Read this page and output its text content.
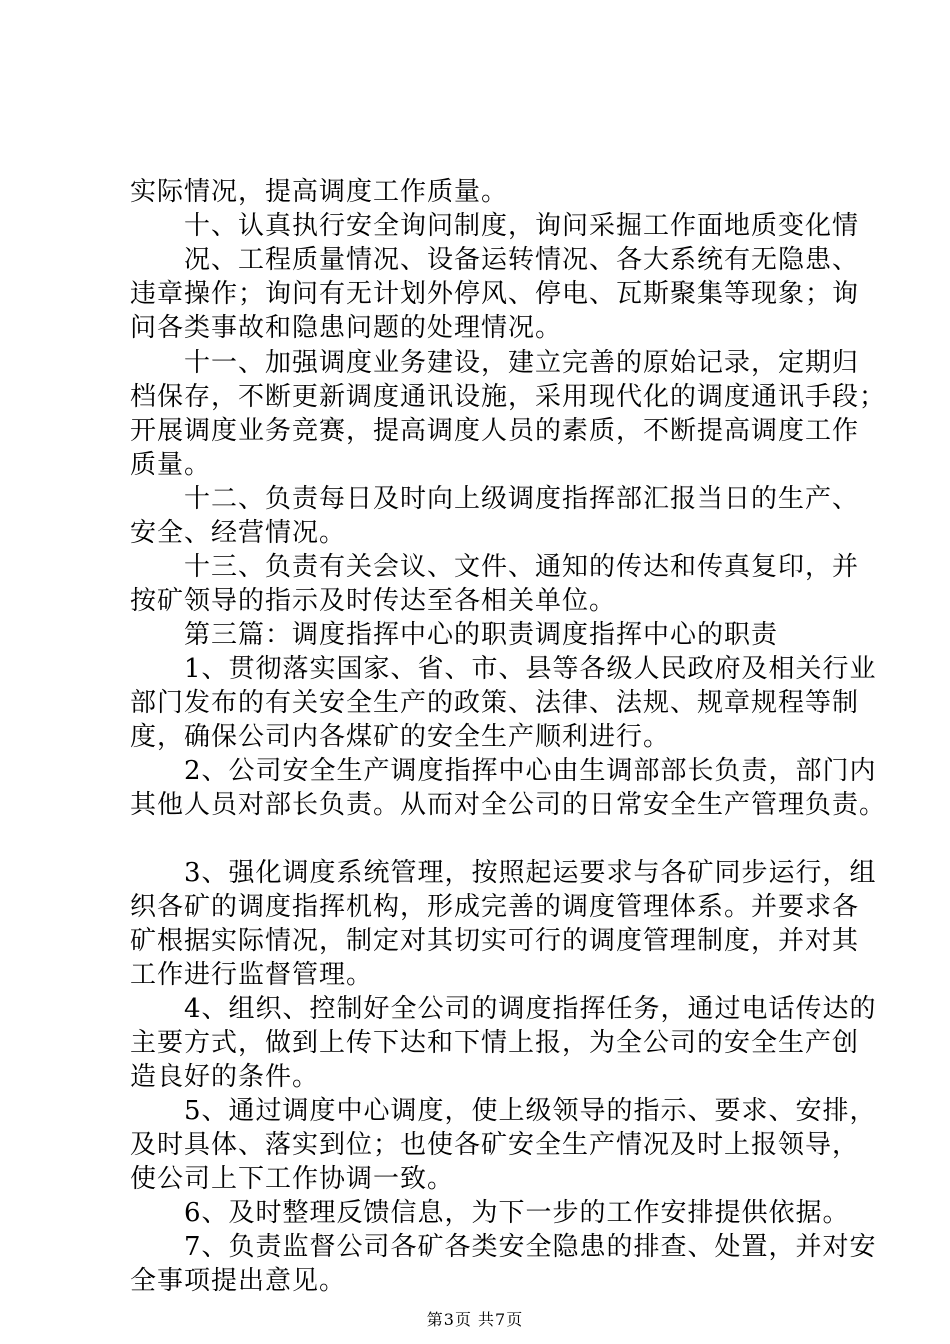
实际情况，提高调度工作质量。
　　十、认真执行安全询问制度，询问采掘工作面地质变化情
　　况、工程质量情况、设备运转情况、各大系统有无隐患、
违章操作；询问有无计划外停风、停电、瓦斯聚集等现象；询
问各类事故和隐患问题的处理情况。
　　十一、加强调度业务建设，建立完善的原始记录，定期归
档保存，不断更新调度通讯设施，采用现代化的调度通讯手段；
开展调度业务竞赛，提高调度人员的素质，不断提高调度工作
质量。
　　十二、负责每日及时向上级调度指挥部汇报当日的生产、
安全、经营情况。
　　十三、负责有关会议、文件、通知的传达和传真复印，并
按矿领导的指示及时传达至各相关单位。
　　第三篇：调度指挥中心的职责调度指挥中心的职责
　　1、贯彻落实国家、省、市、县等各级人民政府及相关行业
部门发布的有关安全生产的政策、法律、法规、规章规程等制
度，确保公司内各煤矿的安全生产顺利进行。
　　2、公司安全生产调度指挥中心由生调部部长负责，部门内
其他人员对部长负责。从而对全公司的日常安全生产管理负责。
　　3、强化调度系统管理，按照起运要求与各矿同步运行，组
织各矿的调度指挥机构，形成完善的调度管理体系。并要求各
矿根据实际情况，制定对其切实可行的调度管理制度，并对其
工作进行监督管理。
　　4、组织、控制好全公司的调度指挥任务，通过电话传达的
主要方式，做到上传下达和下情上报，为全公司的安全生产创
造良好的条件。
　　5、通过调度中心调度，使上级领导的指示、要求、安排，
及时具体、落实到位；也使各矿安全生产情况及时上报领导，
使公司上下工作协调一致。
　　6、及时整理反馈信息，为下一步的工作安排提供依据。
　　7、负责监督公司各矿各类安全隐患的排查、处置，并对安
全事项提出意见。
第3页 共7页
